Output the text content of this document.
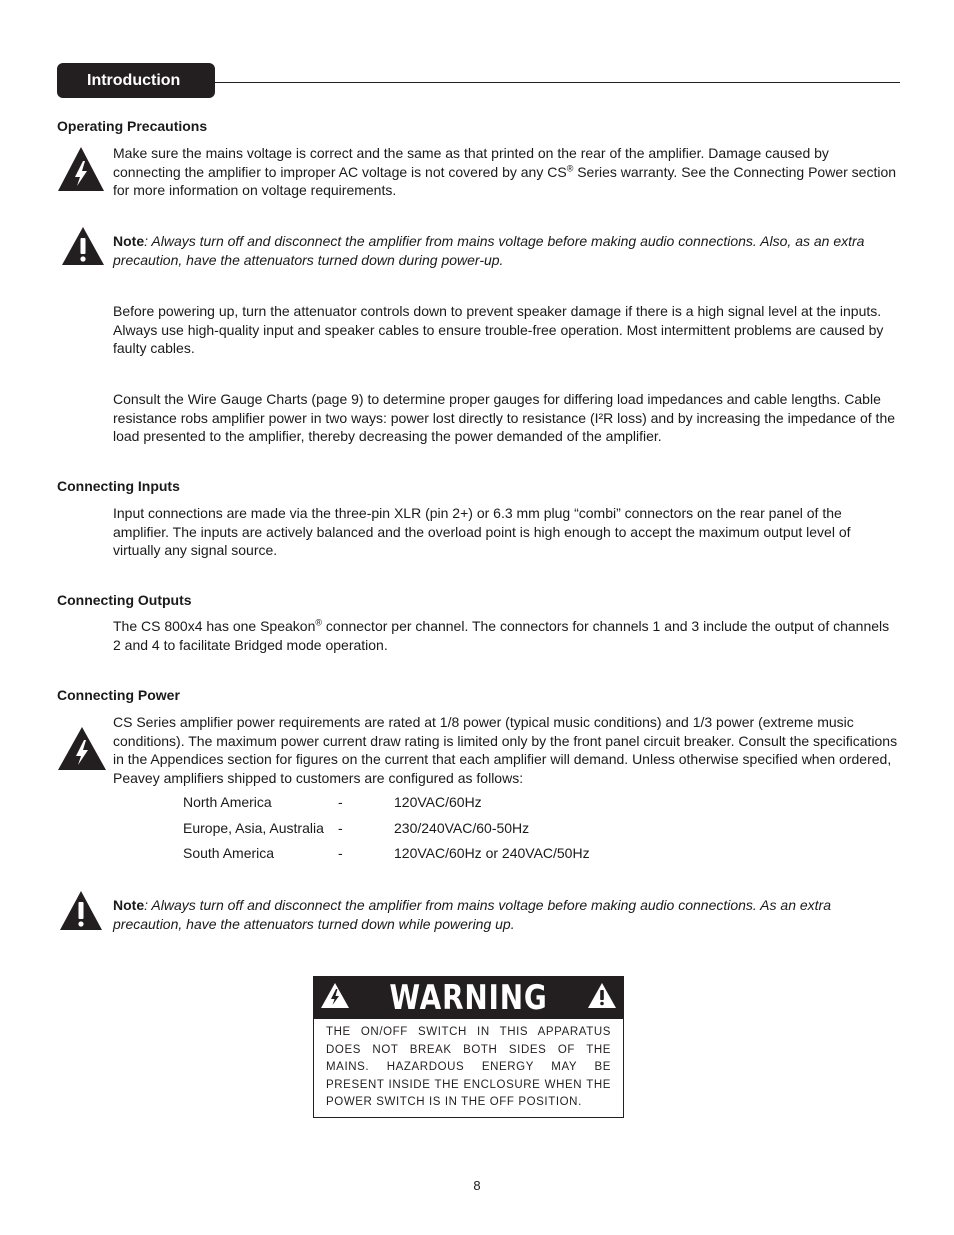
Introduction
Operating Precautions

Make sure the mains voltage is correct and the same as that printed on the rear of the amplifier. Damage caused by connecting the amplifier to improper AC voltage is not covered by any CS® Series warranty. See the Connecting Power section for more information on voltage requirements.

Note: Always turn off and disconnect the amplifier from mains voltage before making audio connections. Also, as an extra precaution, have the attenuators turned down during power-up.

Before powering up, turn the attenuator controls down to prevent speaker damage if there is a high signal level at the inputs. Always use high-quality input and speaker cables to ensure trouble-free operation. Most intermittent problems are caused by faulty cables.

Consult the Wire Gauge Charts (page 9) to determine proper gauges for differing load impedances and cable lengths. Cable resistance robs amplifier power in two ways: power lost directly to resistance (I²R loss) and by increasing the impedance of the load presented to the amplifier, thereby decreasing the power demanded of the amplifier.

Connecting Inputs

Input connections are made via the three-pin XLR (pin 2+) or 6.3 mm plug “combi” connectors on the rear panel of the amplifier. The inputs are actively balanced and the overload point is high enough to accept the maximum output level of virtually any signal source.

Connecting Outputs

The CS 800x4 has one Speakon® connector per channel. The connectors for channels 1 and 3 include the output of channels 2 and 4 to facilitate Bridged mode operation.

Connecting Power

CS Series amplifier power requirements are rated at 1/8 power (typical music conditions) and 1/3 power (extreme music conditions). The maximum power current draw rating is limited only by the front panel circuit breaker. Consult the specifications in the Appendices section for figures on the current that each amplifier will demand. Unless otherwise specified when ordered, Peavey amplifiers shipped to customers are configured as follows:

North America	-	120VAC/60Hz
Europe, Asia, Australia -	230/240VAC/60-50Hz
South America	-	120VAC/60Hz or 240VAC/50Hz

Note: Always turn off and disconnect the amplifier from mains voltage before making audio connections. As an extra precaution, have the attenuators turned down while powering up.

WARNING
THE ON/OFF SWITCH IN THIS APPARATUS DOES NOT BREAK BOTH SIDES OF THE MAINS. HAZARDOUS ENERGY MAY BE PRESENT INSIDE THE ENCLOSURE WHEN THE POWER SWITCH IS IN THE OFF POSITION.
8
